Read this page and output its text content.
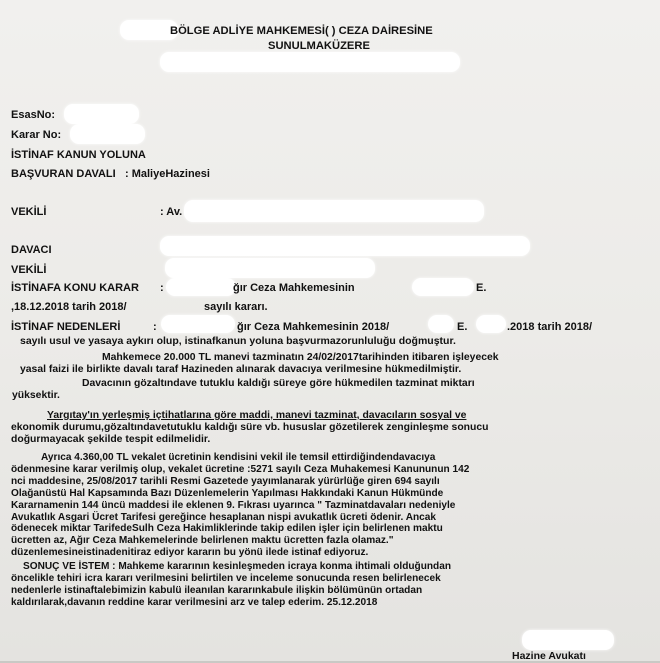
BÖLGE ADLİYE MAHKEMESİ( ) CEZA DAİRESİNE
SUNULMAKÜZERE
EsasNo:
Karar No:
İSTİNAF KANUN YOLUNA
BAŞVURAN DAVALI : MaliyeHazinesi
VEKİLİ	: Av.
DAVACI
VEKİLİ
İSTİNAFA KONU KARAR :	ğır Ceza Mahkemesinin	E.
,18.12.2018 tarih 2018/	sayılı kararı.
İSTİNAF NEDENLERİ	:	ğır Ceza Mahkemesinin 2018/	E.	.2018 tarih 2018/
sayılı usul ve yasaya aykırı olup, istinafkanun yoluna başvurmazorunluluğu doğmuştur.
Mahkemece 20.000 TL manevi tazminatın 24/02/2017tarihinden itibaren işleyecek
yasal faizi ile birlikte davalı taraf Hazineden alınarak davacıya verilmesine hükmedilmiştir.
Davacının gözaltındave tutuklu kaldığı süreye göre hükmedilen tazminat miktarı
yüksektir.
Yargıtay'ın yerleşmiş içtihatlarına göre maddi, manevi tazminat, davacıların sosyal ve
ekonomik durumu,gözaltındavetutuklu kaldığı süre vb. hususlar gözetilerek zenginleşme sonucu
doğurmayacak şekilde tespit edilmelidir.
Ayrıca 4.360,00 TL vekalet ücretinin kendisini vekil ile temsil ettirdiğindendavacıya
ödenmesine karar verilmiş olup, vekalet ücretine :5271 sayılı Ceza Muhakemesi Kanununun 142
nci maddesine, 25/08/2017 tarihli Resmi Gazetede yayımlanarak yürürlüğe giren 694 sayılı
Olağanüstü Hal Kapsamında Bazı Düzenlemelerin Yapılması Hakkındaki Kanun Hükmünde
Kararnamenin 144 üncü maddesi ile eklenen 9. Fıkrası uyarınca " Tazminatdavaları nedeniyle
Avukatlık Asgari Ücret Tarifesi gereğince hesaplanan nispi avukatlık ücreti ödenir. Ancak
ödenecek miktar TarifedeSulh Ceza Hakimliklerinde takip edilen işler için belirlenen maktu
ücretten az, Ağır Ceza Mahkemelerinde belirlenen maktu ücretten fazla olamaz."
düzenlemesineistinadenitiraz ediyor kararın bu yönü ilede istinaf ediyoruz.
SONUÇ VE İSTEM : Mahkeme kararının kesinleşmeden icraya konma ihtimali olduğundan
öncelikle tehiri icra kararı verilmesini belirtilen ve inceleme sonucunda resen belirlenecek
nedenlerle istinaftalebimizin kabulü ileanılan kararınkabule ilişkin bölümünün ortadan
kaldırılarak,davanın reddine karar verilmesini arz ve talep ederim. 25.12.2018
Hazine Avukatı
